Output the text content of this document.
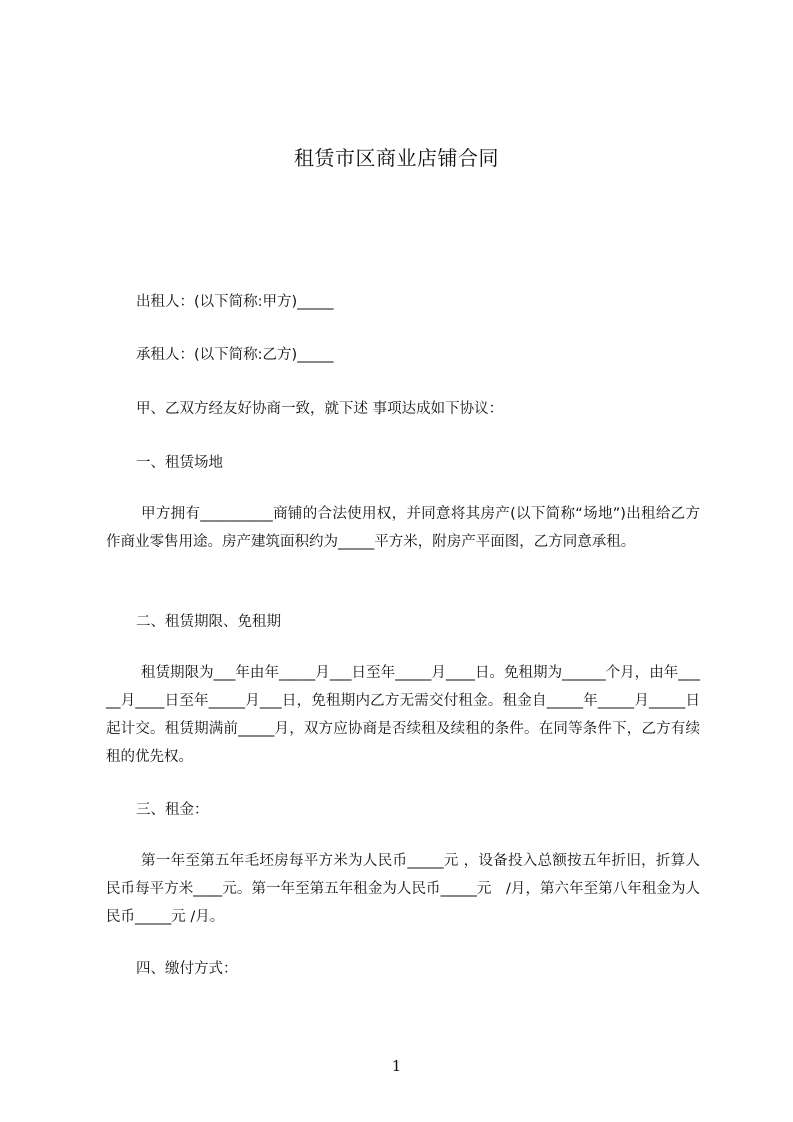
租赁市区商业店铺合同
出租人：(以下简称:甲方)_____
承租人：(以下简称:乙方)_____
甲、乙双方经友好协商一致，就下述 事项达成如下协议：
一、租赁场地
甲方拥有__________商铺的合法使用权，并同意将其房产(以下简称“场地”)出租给乙方作商业零售用途。房产建筑面积约为_____平方米，附房产平面图，乙方同意承租。
二、租赁期限、免租期
租赁期限为___年由年_____月___日至年_____月____日。免租期为______个月，由年_____月____日至年_____月___日，免租期内乙方无需交付租金。租金自_____年_____月_____日　起计交。租赁期满前_____月，双方应协商是否续租及续租的条件。在同等条件下，乙方有续租的优先权。
三、租金：
第一年至第五年毛坯房每平方米为人民币_____元 ，设备投入总额按五年折旧，折算人民币每平方米____元。第一年至第五年租金为人民币_____元　/月，第六年至第八年租金为人民币_____元 /月。
四、缴付方式：
1
